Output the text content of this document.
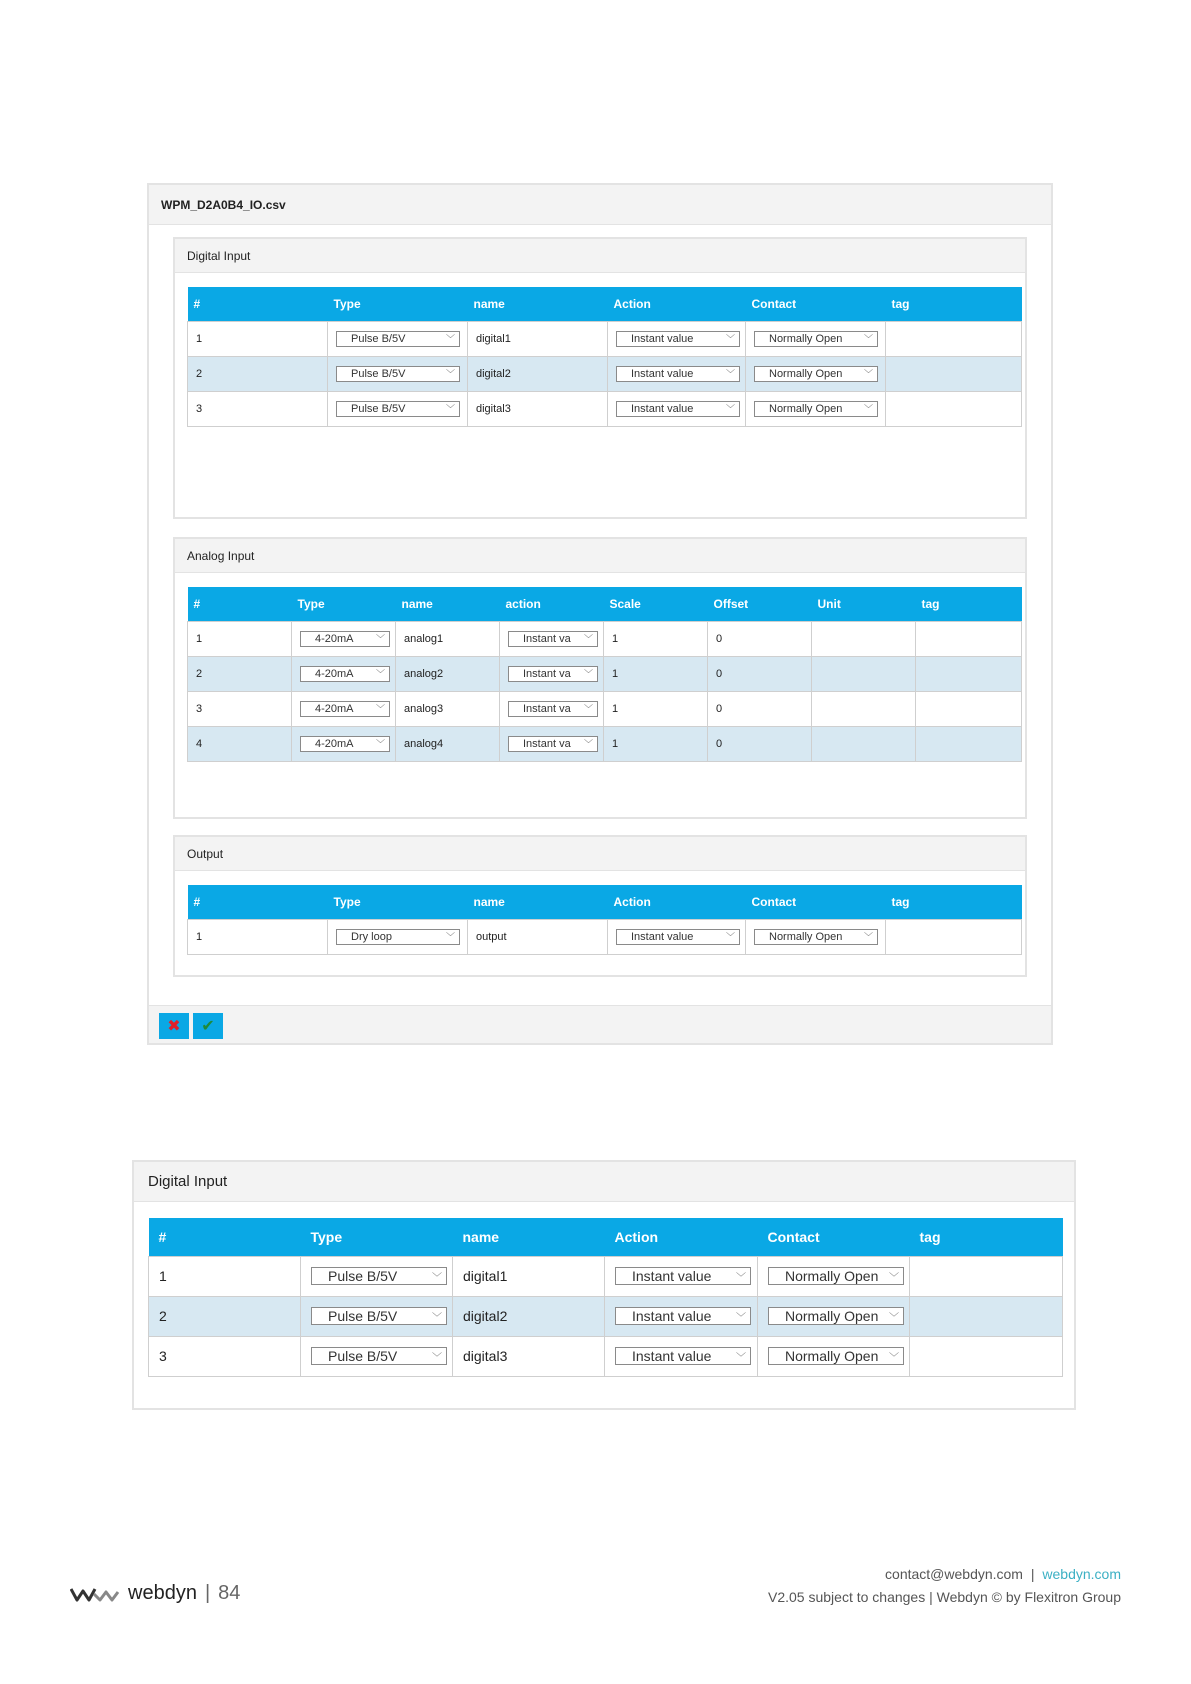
WPM_D2A0B4_IO.csv
Digital Input
#	Type	name	Action	Contact	tag
1	Pulse B/5V ﹀	digital1	Instant value ﹀	Normally Open ﹀	

2	Pulse B/5V ﹀	digital2	Instant value ﹀	Normally Open ﹀	

3	Pulse B/5V ﹀	digital3	Instant value ﹀	Normally Open ﹀	

Analog Input
#	Type	name	action	Scale	Offset	Unit	tag
1	4-20mA ﹀	analog1	Instant va ﹀	1	0		
2	4-20mA ﹀	analog2	Instant va ﹀	1	0		
3	4-20mA ﹀	analog3	Instant va ﹀	1	0		
4	4-20mA ﹀	analog4	Instant va ﹀	1	0		
Output
#	Type	name	Action	Contact	tag
1	Dry loop ﹀	output	Instant value ﹀	Normally Open ﹀	

✖ ✔
Digital Input
#	Type	name	Action	Contact	tag
1	Pulse B/5V ﹀	digital1	Instant value ﹀	Normally Open ﹀	

2	Pulse B/5V ﹀	digital2	Instant value ﹀	Normally Open ﹀	

3	Pulse B/5V ﹀	digital3	Instant value ﹀	Normally Open ﹀	

webdyn | 84
contact@webdyn.com | webdyn.com
V2.05 subject to changes | Webdyn © by Flexitron Group
